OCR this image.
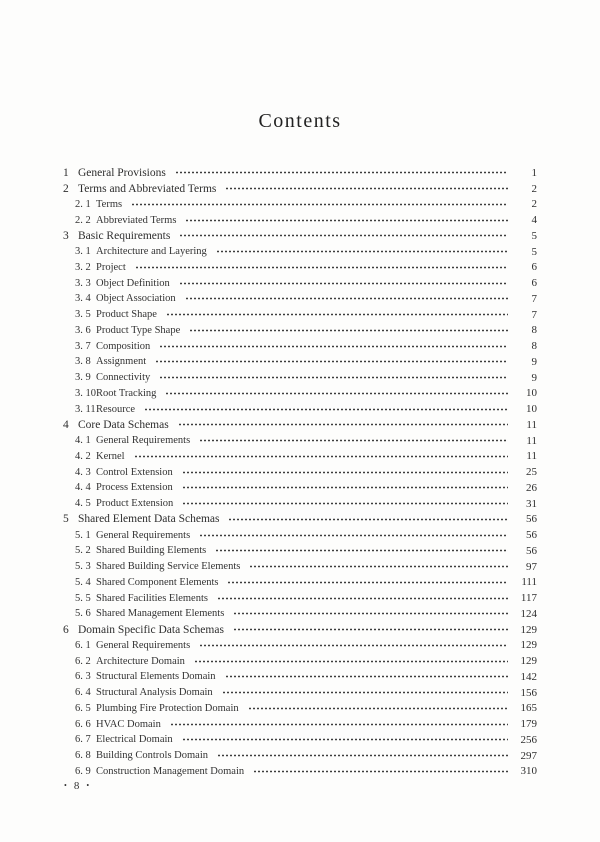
Contents
1 General Provisions	1
2 Terms and Abbreviated Terms	2
2. 1 Terms	2
2. 2 Abbreviated Terms	4
3 Basic Requirements	5
3. 1 Architecture and Layering	5
3. 2 Project	6
3. 3 Object Definition	6
3. 4 Object Association	7
3. 5 Product Shape	7
3. 6 Product Type Shape	8
3. 7 Composition	8
3. 8 Assignment	9
3. 9 Connectivity	9
3. 10 Root Tracking	10
3. 11 Resource	10
4 Core Data Schemas	11
4. 1 General Requirements	11
4. 2 Kernel	11
4. 3 Control Extension	25
4. 4 Process Extension	26
4. 5 Product Extension	31
5 Shared Element Data Schemas	56
5. 1 General Requirements	56
5. 2 Shared Building Elements	56
5. 3 Shared Building Service Elements	97
5. 4 Shared Component Elements	111
5. 5 Shared Facilities Elements	117
5. 6 Shared Management Elements	124
6 Domain Specific Data Schemas	129
6. 1 General Requirements	129
6. 2 Architecture Domain	129
6. 3 Structural Elements Domain	142
6. 4 Structural Analysis Domain	156
6. 5 Plumbing Fire Protection Domain	165
6. 6 HVAC Domain	179
6. 7 Electrical Domain	256
6. 8 Building Controls Domain	297
6. 9 Construction Management Domain	310
• 8 •
